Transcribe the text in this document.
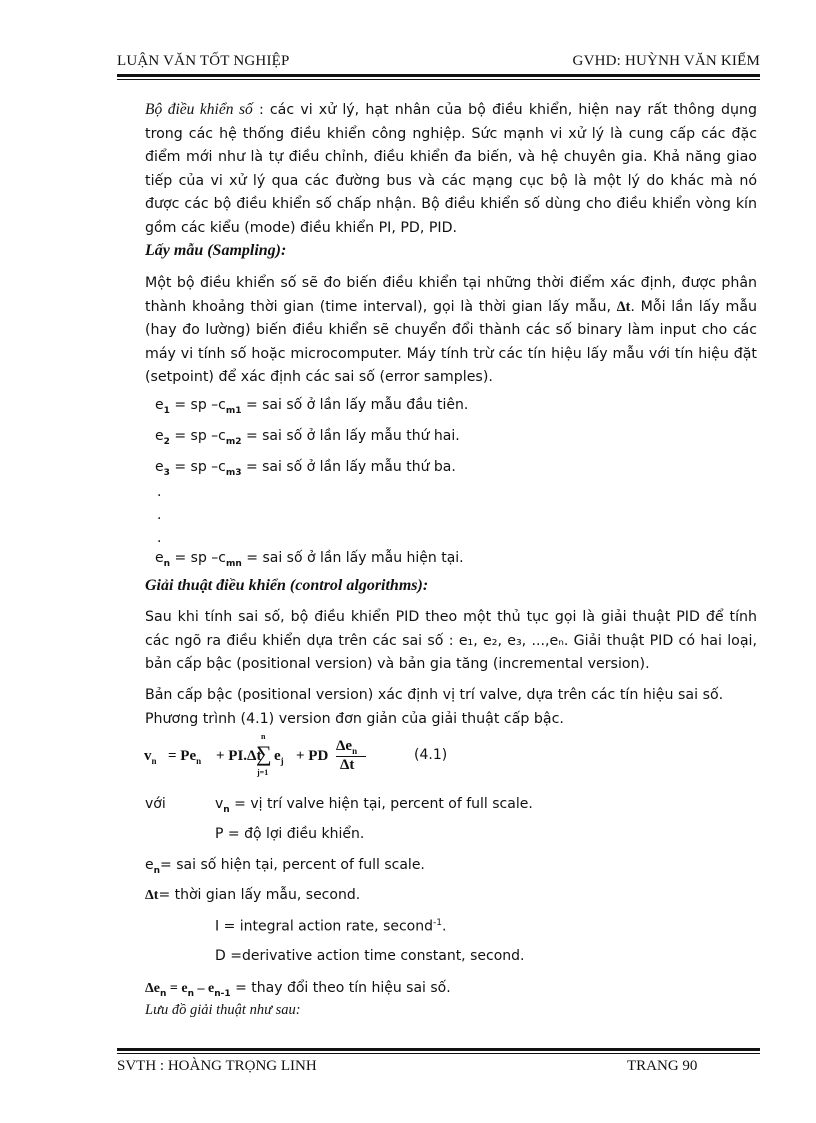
LUẬN VĂN TỐT NGHIỆP	GVHD: HUỲNH VĂN KIỂM
Bộ điều khiển số : các vi xử lý, hạt nhân của bộ điều khiển, hiện nay rất thông dụng trong các hệ thống điều khiển công nghiệp. Sức mạnh vi xử lý là cung cấp các đặc điểm mới như là tự điều chỉnh, điều khiển đa biến, và hệ chuyên gia. Khả năng giao tiếp của vi xử lý qua các đường bus và các mạng cục bộ là một lý do khác mà nó được các bộ điều khiển số chấp nhận. Bộ điều khiển số dùng cho điều khiển vòng kín gồm các kiểu (mode) điều khiển PI, PD, PID.
Lấy mẫu (Sampling):
Một bộ điều khiển số sẽ đo biến điều khiển tại những thời điểm xác định, được phân thành khoảng thời gian (time interval), gọi là thời gian lấy mẫu, Δt. Mỗi lần lấy mẫu (hay đo lường) biến điều khiển sẽ chuyển đổi thành các số binary làm input cho các máy vi tính số hoặc microcomputer. Máy tính trừ các tín hiệu lấy mẫu với tín hiệu đặt (setpoint) để xác định các sai số (error samples).
$e_1$ = sp $-c_{m1}$ = sai số ở lần lấy mẫu đầu tiên.
$e_2$ = sp $-c_{m2}$ = sai số ở lần lấy mẫu thứ hai.
$e_3$ = sp $-c_{m3}$ = sai số ở lần lấy mẫu thứ ba.
.
.
.
$e_n$ = sp $-c_{mn}$ = sai số ở lần lấy mẫu hiện tại.
Giải thuật điều khiển (control algorithms):
Sau khi tính sai số, bộ điều khiển PID theo một thủ tục gọi là giải thuật PID để tính các ngõ ra điều khiển dựa trên các sai số : e₁, e₂, e₃, ...,eₙ. Giải thuật PID có hai loại, bản cấp bậc (positional version) và bản gia tăng (incremental version).
Bản cấp bậc (positional version) xác định vị trí valve, dựa trên các tín hiệu sai số. Phương trình (4.1) version đơn giản của giải thuật cấp bậc.
$v_n = Pe_n + PI.\Delta t$
n
∑
j=1
$e_j$ + PD
$\Delta e_n$
Δt
(4.1)
với	$v_n$ = vị trí valve hiện tại, percent of full scale.
P = độ lợi điều khiển.
$e_n=$ sai số hiện tại, percent of full scale.
Δt= thời gian lấy mẫu, second.
I = integral action rate, second$^{-1}$.
D =derivative action time constant, second.
$\Delta e_n = e_n - e_{n-1}$ = thay đổi theo tín hiệu sai số.
Lưu đồ giải thuật như sau:
SVTH : HOÀNG TRỌNG LINH	TRANG 90
